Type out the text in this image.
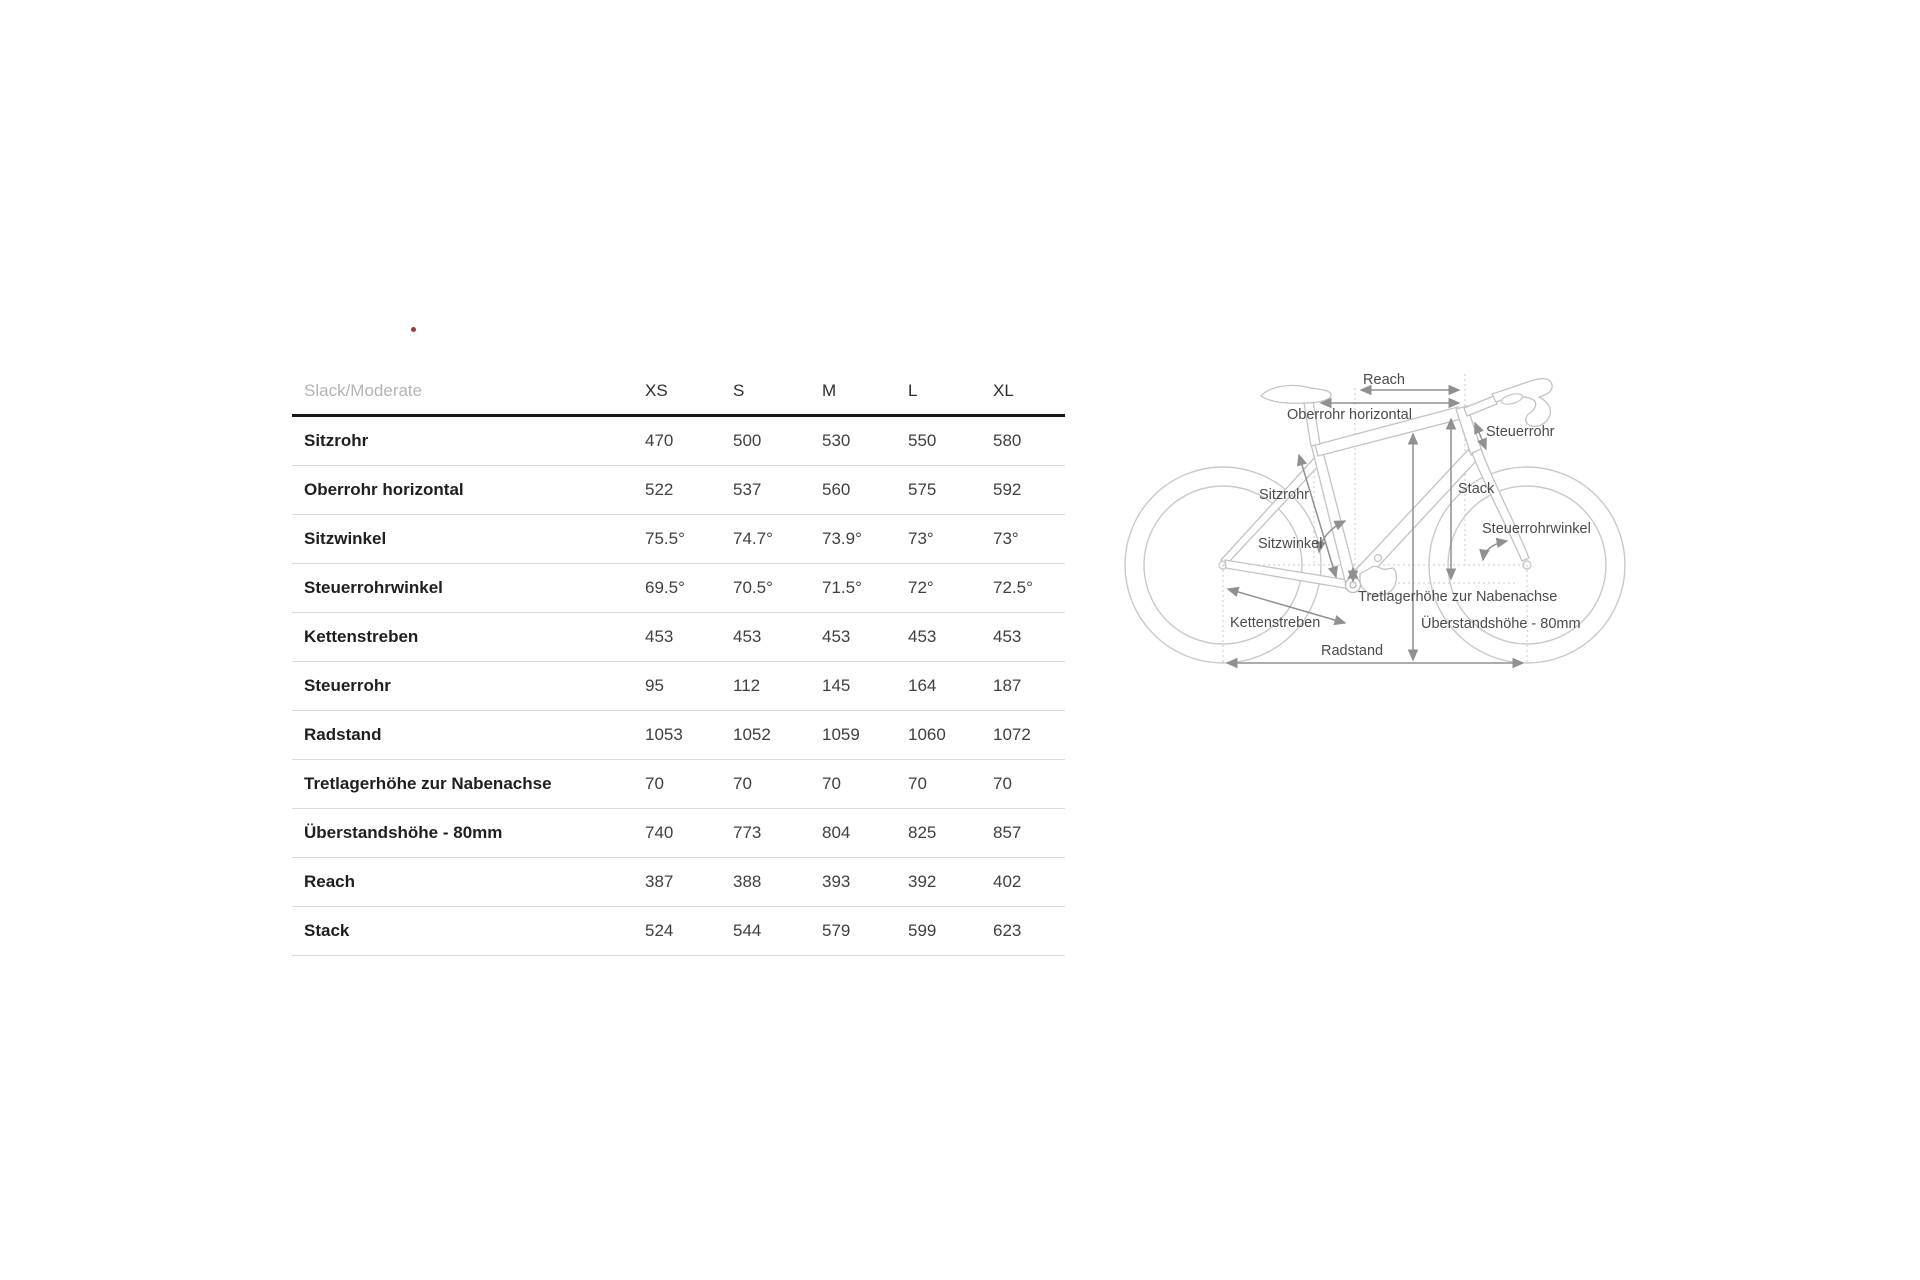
Slack/Moderate	XS	S	M	L	XL
Sitzrohr	470	500	530	550	580
Oberrohr horizontal	522	537	560	575	592
Sitzwinkel	75.5°	74.7°	73.9°	73°	73°
Steuerrohrwinkel	69.5°	70.5°	71.5°	72°	72.5°
Kettenstreben	453	453	453	453	453
Steuerrohr	95	112	145	164	187
Radstand	1053	1052	1059	1060	1072
Tretlagerhöhe zur Nabenachse	70	70	70	70	70
Überstandshöhe - 80mm	740	773	804	825	857
Reach	387	388	393	392	402
Stack	524	544	579	599	623
Reach
Oberrohr horizontal
Steuerrohr
Sitzrohr	Stack
Sitzwinkel
Steuerrohrwinkel
Tretlagerhöhe zur Nabenachse
Überstandshöhe - 80mm
Kettenstreben
Radstand
